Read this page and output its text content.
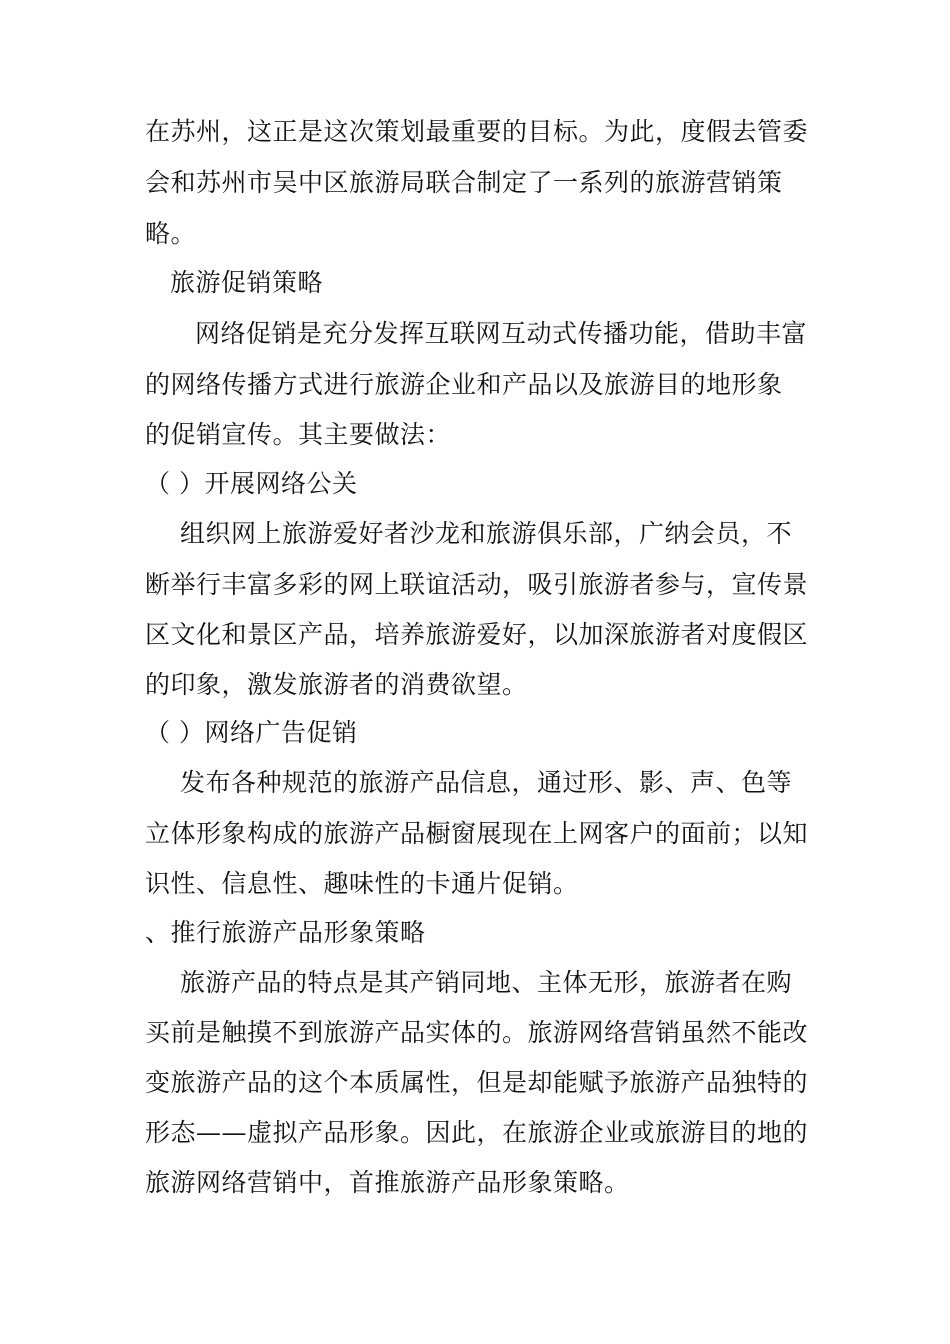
在苏州，这正是这次策划最重要的目标。为此，度假去管委
会和苏州市吴中区旅游局联合制定了一系列的旅游营销策
略。
旅游促销策略
网络促销是充分发挥互联网互动式传播功能，借助丰富
的网络传播方式进行旅游企业和产品以及旅游目的地形象
的促销宣传。其主要做法：
（ ）开展网络公关
组织网上旅游爱好者沙龙和旅游俱乐部，广纳会员，不
断举行丰富多彩的网上联谊活动，吸引旅游者参与，宣传景
区文化和景区产品，培养旅游爱好，以加深旅游者对度假区
的印象，激发旅游者的消费欲望。
（ ）网络广告促销
发布各种规范的旅游产品信息，通过形、影、声、色等
立体形象构成的旅游产品橱窗展现在上网客户的面前；以知
识性、信息性、趣味性的卡通片促销。
、推行旅游产品形象策略
旅游产品的特点是其产销同地、主体无形，旅游者在购
买前是触摸不到旅游产品实体的。旅游网络营销虽然不能改
变旅游产品的这个本质属性，但是却能赋予旅游产品独特的
形态——虚拟产品形象。因此，在旅游企业或旅游目的地的
旅游网络营销中，首推旅游产品形象策略。
